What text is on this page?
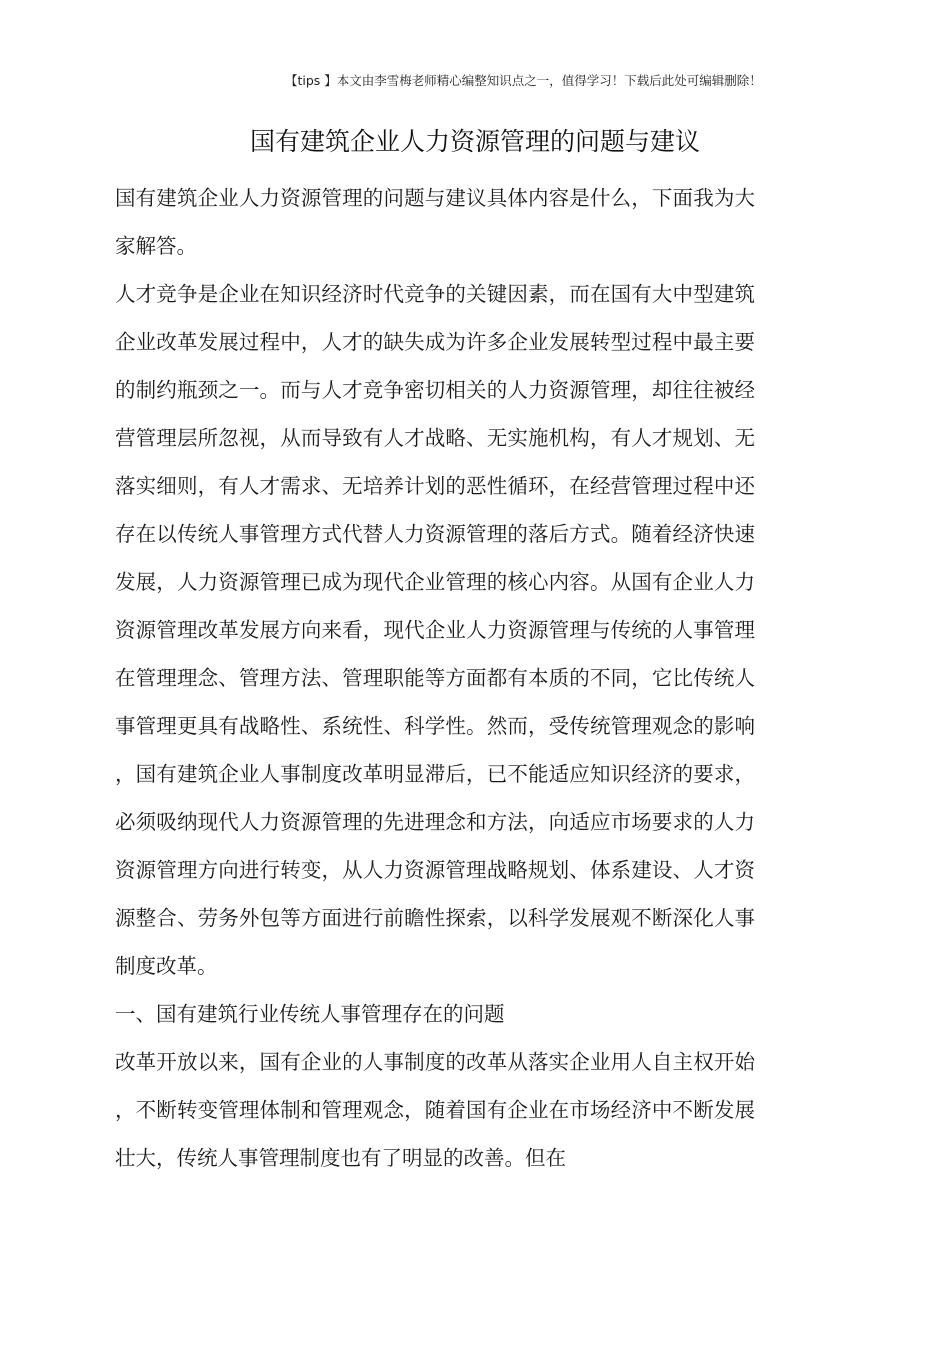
【tips 】本文由李雪梅老师精心编整知识点之一，值得学习！下载后此处可编辑删除！
国有建筑企业人力资源管理的问题与建议

国有建筑企业人力资源管理的问题与建议具体内容是什么，下面我为大家解答。

人才竞争是企业在知识经济时代竞争的关键因素，而在国有大中型建筑企业改革发展过程中，人才的缺失成为许多企业发展转型过程中最主要的制约瓶颈之一。而与人才竞争密切相关的人力资源管理，却往往被经营管理层所忽视，从而导致有人才战略、无实施机构，有人才规划、无落实细则，有人才需求、无培养计划的恶性循环，在经营管理过程中还存在以传统人事管理方式代替人力资源管理的落后方式。随着经济快速发展，人力资源管理已成为现代企业管理的核心内容。从国有企业人力资源管理改革发展方向来看，现代企业人力资源管理与传统的人事管理在管理理念、管理方法、管理职能等方面都有本质的不同，它比传统人事管理更具有战略性、系统性、科学性。然而，受传统管理观念的影响，国有建筑企业人事制度改革明显滞后，已不能适应知识经济的要求，必须吸纳现代人力资源管理的先进理念和方法，向适应市场要求的人力资源管理方向进行转变，从人力资源管理战略规划、体系建设、人才资源整合、劳务外包等方面进行前瞻性探索，以科学发展观不断深化人事制度改革。

一、国有建筑行业传统人事管理存在的问题

改革开放以来，国有企业的人事制度的改革从落实企业用人自主权开始，不断转变管理体制和管理观念，随着国有企业在市场经济中不断发展壮大，传统人事管理制度也有了明显的改善。但在
